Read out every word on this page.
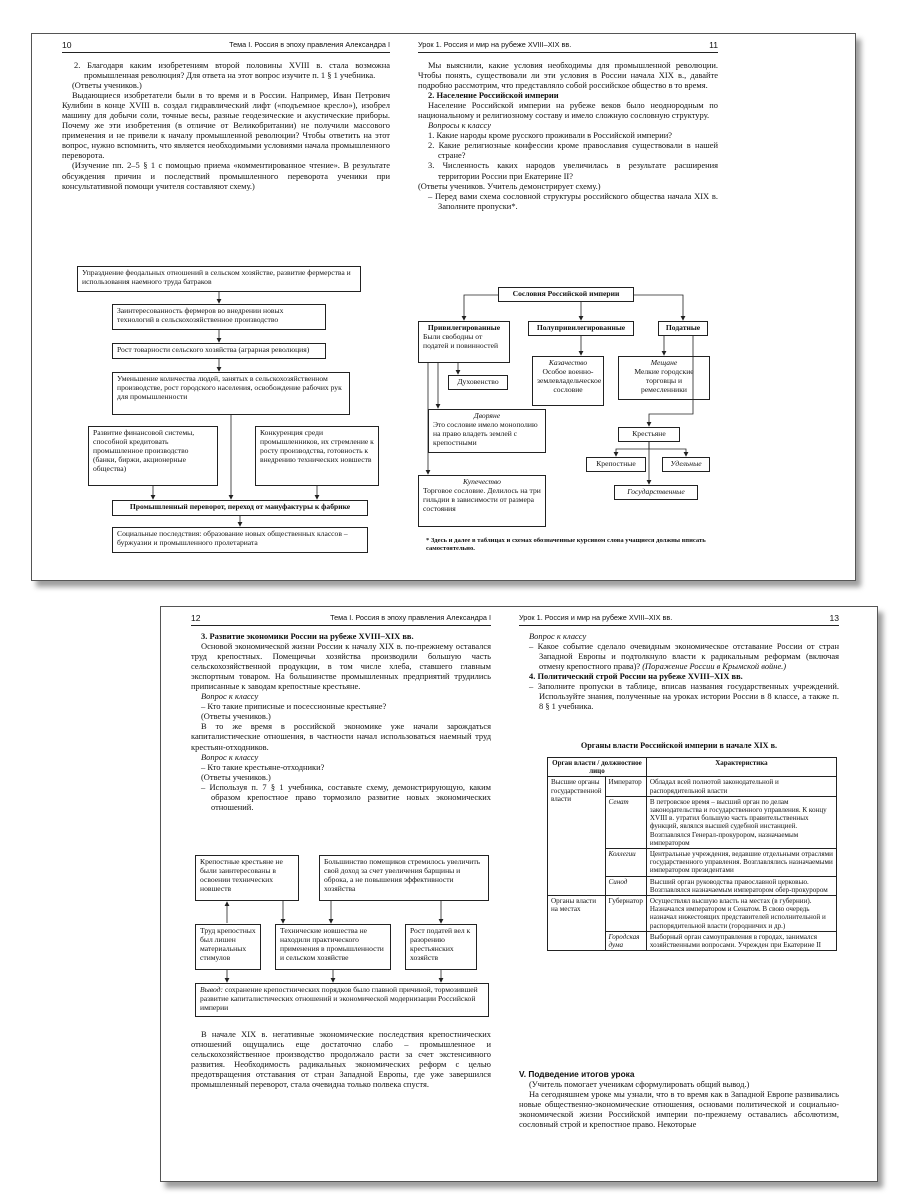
10	Тема I. Россия в эпоху правления Александра I

2. Благодаря каким изобретениям второй половины XVIII в. стала возможна промышленная революция? Для ответа на этот вопрос изучите п. 1 § 1 учебника.

(Ответы учеников.)

Выдающиеся изобретатели были в то время и в России. Например, Иван Петрович Кулибин в конце XVIII в. создал гидравлический лифт («подъемное кресло»), изобрел машину для добычи соли, точные весы, разные геодезические и акустические приборы. Почему же эти изобретения (в отличие от Великобритании) не получили массового применения и не привели к началу промышленной революции? Чтобы ответить на этот вопрос, нужно вспомнить, что является необходимыми условиями начала промышленного переворота.

(Изучение пп. 2–5 § 1 с помощью приема «комментированное чтение». В результате обсуждения причин и последствий промышленного переворота ученики при консультативной помощи учителя составляют схему.)

Упразднение феодальных отношений в сельском хозяйстве, развитие фермерства и использования наемного труда батраков
Заинтересованность фермеров во внедрении новых технологий в сельскохозяйственное производство
Рост товарности сельского хозяйства (аграрная революция)
Уменьшение количества людей, занятых в сельскохозяйственном производстве, рост городского населения, освобождение рабочих рук для промышленности
Развитие финансовой системы, способной кредитовать промышленное производство (банки, биржи, акционерные общества)
Конкуренция среди промышленников, их стремление к росту производства, готовность к внедрению технических новшеств
Промышленный переворот, переход от мануфактуры к фабрике
Социальные последствия: образование новых общественных классов – буржуазии и промышленного пролетариата
Урок 1. Россия и мир на рубеже XVIII–XIX вв.	11

Мы выяснили, какие условия необходимы для промышленной революции. Чтобы понять, существовали ли эти условия в России начала XIX в., давайте подробно рассмотрим, что представляло собой российское общество в то время.

2. Население Российской империи

Население Российской империи на рубеже веков было неоднородным по национальному и религиозному составу и имело сложную сословную структуру.

Вопросы к классу

1. Какие народы кроме русского проживали в Российской империи?

2. Какие религиозные конфессии кроме православия существовали в нашей стране?

3. Численность каких народов увеличилась в результате расширения территории России при Екатерине II?

(Ответы учеников. Учитель демонстрирует схему.)

– Перед вами схема сословной структуры российского общества начала XIX в. Заполните пропуски*.

Сословия Российской империи
Привилегированные
Были свободны от податей и повинностей
Полупривилегированные	Податные
Духовенство
Казачество
Особое военно-землевладельческое сословие
Мещане
Мелкие городские торговцы и ремесленники
Дворяне
Это сословие имело монополию на право владеть землей с крепостными
Крестьяне
Крепостные	Удельные
Государственные
Купечество
Торговое сословие. Делилось на три гильдии в зависимости от размера состояния
* Здесь и далее в таблицах и схемах обозначенные курсивом слова учащиеся должны вписать самостоятельно.
12	Тема I. Россия в эпоху правления Александра I

3. Развитие экономики России на рубеже XVIII–XIX вв.

Основой экономической жизни России к началу XIX в. по-прежнему оставался труд крепостных. Помещичьи хозяйства производили большую часть сельскохозяйственной продукции, в том числе хлеба, ставшего главным экспортным товаром. На большинстве промышленных предприятий трудились приписанные к заводам крепостные крестьяне.

Вопрос к классу

– Кто такие приписные и посессионные крестьяне?

(Ответы учеников.)

В то же время в российской экономике уже начали зарождаться капиталистические отношения, в частности начал использоваться наемный труд крестьян-отходников.

Вопрос к классу

– Кто такие крестьяне-отходники?

(Ответы учеников.)

– Используя п. 7 § 1 учебника, составьте схему, демонстрирующую, каким образом крепостное право тормозило развитие новых экономических отношений.

Крепостные крестьяне не были заинтересованы в освоении технических новшеств
Большинство помещиков стремилось увеличить свой доход за счет увеличения барщины и оброка, а не повышения эффективности хозяйства
Труд крепостных был лишен материальных стимулов
Технические новшества не находили практического применения в промышленности и сельском хозяйстве
Рост податей вел к разорению крестьянских хозяйств
Вывод: сохранение крепостнических порядков было главной причиной, тормозившей развитие капиталистических отношений и экономической модернизации Российской империи

В начале XIX в. негативные экономические последствия крепостнических отношений ощущались еще достаточно слабо – промышленное и сельскохозяйственное производство продолжало расти за счет экстенсивного развития. Необходимость радикальных экономических реформ с целью предотвращения отставания от стран Западной Европы, где уже завершился промышленный переворот, стала очевидна только полвека спустя.

Урок 1. Россия и мир на рубеже XVIII–XIX вв.	13

Вопрос к классу

– Какое событие сделало очевидным экономическое отставание России от стран Западной Европы и подтолкнуло власти к радикальным реформам (включая отмену крепостного права)? (Поражение России в Крымской войне.)

4. Политический строй России на рубеже XVIII–XIX вв.

– Заполните пропуски в таблице, вписав названия государственных учреждений. Используйте знания, полученные на уроках истории России в 8 классе, а также п. 8 § 1 учебника.

Органы власти Российской империи в начале XIX в.
Орган власти / должностное лицо		Характеристика
Высшие органы государственной власти	Император	Обладал всей полнотой законодательной и распорядительной власти
	Сенат	В петровское время – высший орган по делам законодательства и государственного управления. К концу XVIII в. утратил большую часть правительственных функций, являлся высшей судебной инстанцией. Возглавлялся Генерал-прокурором, назначаемым императором
	Коллегии	Центральные учреждения, ведавшие отдельными отраслями государственного управления. Возглавлялись назначаемыми императором президентами
	Синод	Высший орган руководства православной церковью. Возглавлялся назначаемым императором обер-прокурором
Органы власти на местах	Губернатор	Осуществлял высшую власть на местах (в губернии). Назначался императором и Сенатом. В свою очередь назначал нижестоящих представителей исполнительной и распорядительной власти (городничих и др.)
	Городская дума	Выборный орган самоуправления в городах, занимался хозяйственными вопросами. Учрежден при Екатерине II

V. Подведение итогов урока

(Учитель помогает ученикам сформулировать общий вывод.)

На сегодняшнем уроке мы узнали, что в то время как в Западной Европе развивались новые общественно-экономические отношения, основами политической и социально-экономической жизни Российской империи по-прежнему оставались абсолютизм, сословный строй и крепостное право. Некоторые
